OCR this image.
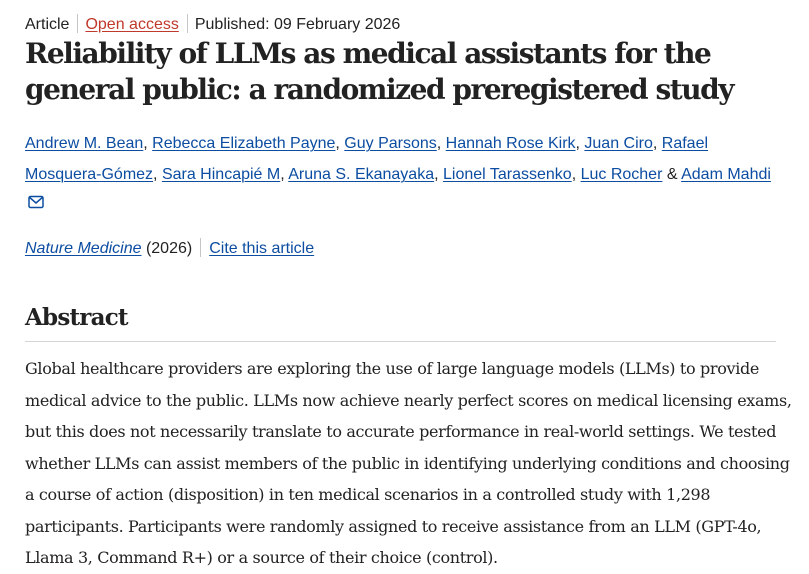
Article Open access Published: 09 February 2026
Reliability of LLMs as medical assistants for the general public: a randomized preregistered study
Andrew M. Bean, Rebecca Elizabeth Payne, Guy Parsons, Hannah Rose Kirk, Juan Ciro, Rafael Mosquera-Gómez, Sara Hincapié M, Aruna S. Ekanayaka, Lionel Tarassenko, Luc Rocher & Adam Mahdi
Nature Medicine (2026) Cite this article
Abstract

Global healthcare providers are exploring the use of large language models (LLMs) to provide medical advice to the public. LLMs now achieve nearly perfect scores on medical licensing exams, but this does not necessarily translate to accurate performance in real-world settings. We tested whether LLMs can assist members of the public in identifying underlying conditions and choosing a course of action (disposition) in ten medical scenarios in a controlled study with 1,298 participants. Participants were randomly assigned to receive assistance from an LLM (GPT-4o, Llama 3, Command R+) or a source of their choice (control).
